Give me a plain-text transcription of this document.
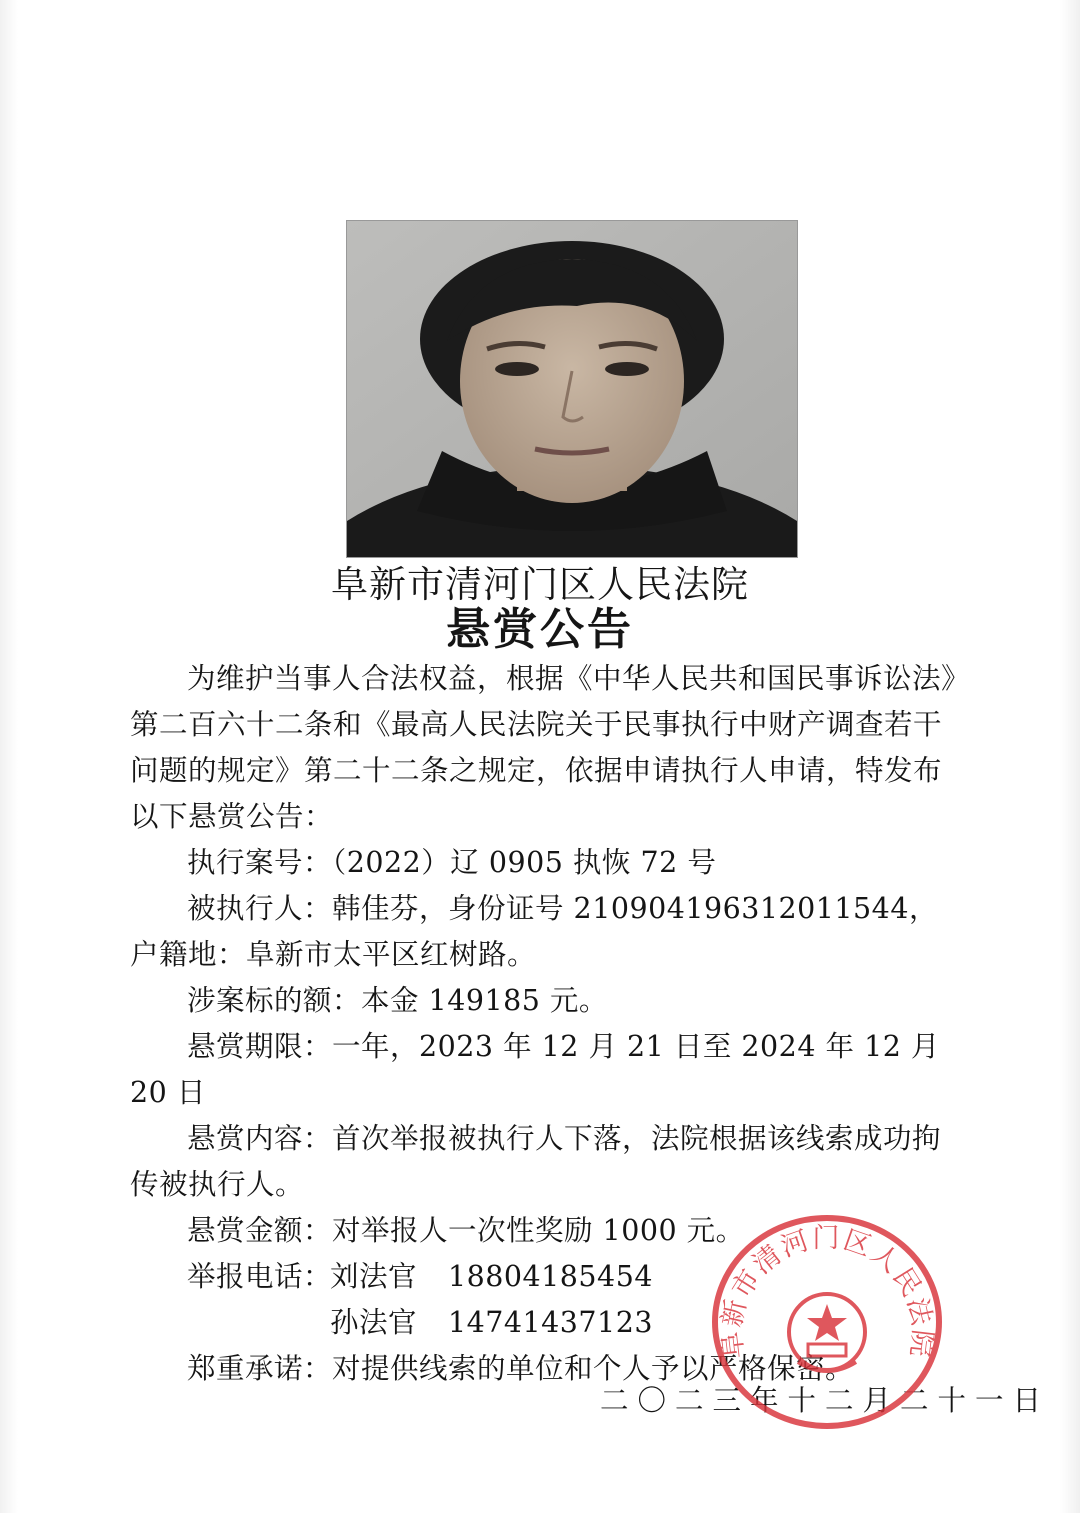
阜新市清河门区人民法院
悬赏公告

为维护当事人合法权益，根据《中华人民共和国民事诉讼法》第二百六十二条和《最高人民法院关于民事执行中财产调查若干问题的规定》第二十二条之规定，依据申请执行人申请，特发布以下悬赏公告：

执行案号：（2022）辽 0905 执恢 72 号

被执行人：韩佳芬，身份证号 210904196312011544，户籍地：阜新市太平区红树路。

涉案标的额：本金 149185 元。

悬赏期限：一年，2023 年 12 月 21 日至 2024 年 12 月 20 日

悬赏内容：首次举报被执行人下落，法院根据该线索成功拘传被执行人。

悬赏金额：对举报人一次性奖励 1000 元。

举报电话：
刘法官	18804185454
孙法官	14741437123

郑重承诺：对提供线索的单位和个人予以严格保密。

二〇二三年十二月二十一日
阜新市清河门区人民法院
